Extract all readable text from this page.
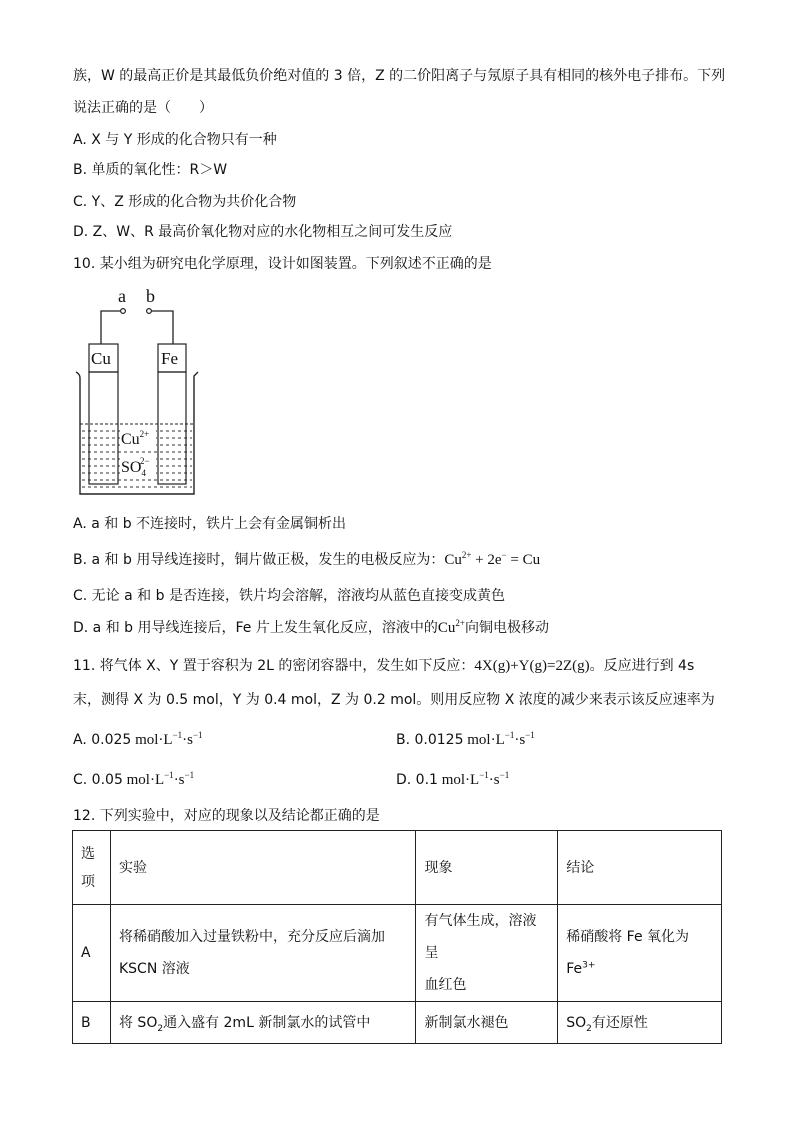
族，W 的最高正价是其最低负价绝对值的 3 倍，Z 的二价阳离子与氖原子具有相同的核外电子排布。下列
说法正确的是（　　）
A. X 与 Y 形成的化合物只有一种
B. 单质的氧化性：R＞W
C. Y、Z 形成的化合物为共价化合物
D. Z、W、R 最高价氧化物对应的水化物相互之间可发生反应
10. 某小组为研究电化学原理，设计如图装置。下列叙述不正确的是
a b
Cu	Fe
$Cu^{2+}$
$SO_42-$
A. a 和 b 不连接时，铁片上会有金属铜析出
B. a 和 b 用导线连接时，铜片做正极，发生的电极反应为：$Cu^{2+} + 2e^- = Cu$
C. 无论 a 和 b 是否连接，铁片均会溶解，溶液均从蓝色直接变成黄色
D. a 和 b 用导线连接后，Fe 片上发生氧化反应，溶液中的$Cu^{2+}$向铜电极移动
11. 将气体 X、Y 置于容积为 2L 的密闭容器中，发生如下反应：4X(g)+Y(g)=2Z(g)。反应进行到 4s
末，测得 X 为 0.5 mol，Y 为 0.4 mol，Z 为 0.2 mol。则用反应物 X 浓度的减少来表示该反应速率为
A. 0.025 $mol\cdot L^{-1}\cdot s^{-1}$	B. 0.0125 $mol\cdot L^{-1}\cdot s^{-1}$
C. 0.05 $mol\cdot L^{-1}\cdot s^{-1}$	D. 0.1 $mol\cdot L^{-1}\cdot s^{-1}$
12. 下列实验中，对应的现象以及结论都正确的是
选
项	实验	现象	结论
A	将稀硝酸加入过量铁粉中，充分反应后滴加
KSCN 溶液	有气体生成，溶液呈
血红色	稀硝酸将 Fe 氧化为
$Fe^{3+}$

B	将 $SO_2$通入盛有 2mL 新制氯水的试管中	新制氯水褪色	$SO_2$有还原性
